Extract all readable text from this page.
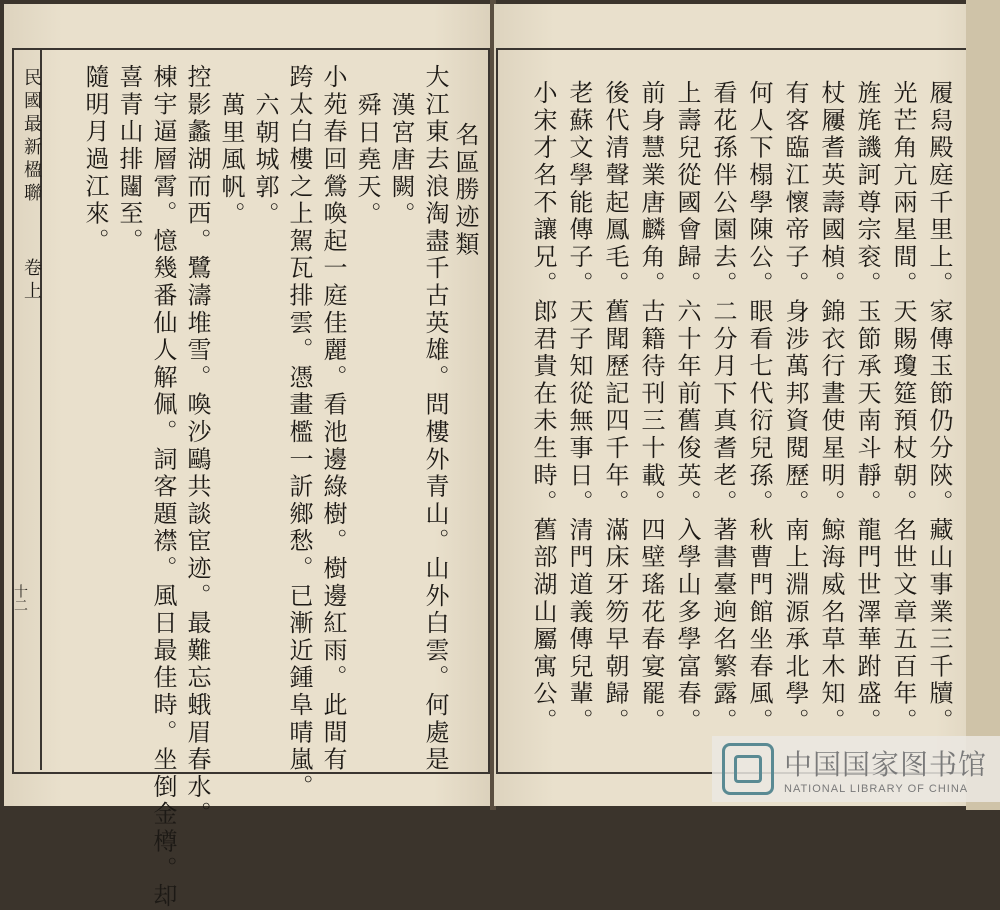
民國最新楹聯
卷上
十二
名區勝迹類
大江東去浪淘盡千古英雄。問樓外青山。山外白雲。何處是
漢宮唐闕。
舜日堯天。
小苑春回鶯喚起一庭佳麗。看池邊綠樹。樹邊紅雨。此間有
跨太白樓之上駕瓦排雲。憑畫檻一訢鄉愁。已漸近鍾阜晴嵐。
六朝城郭。
萬里風帆。
控影蠡湖而西。鷺濤堆雪。喚沙鷗共談宦迹。最難忘蛾眉春水。
棟宇逼層霄。憶幾番仙人解佩。詞客題襟。風日最佳時。坐倒金樽。却
喜青山排闥至。
隨明月過江來。	履舄殿庭千里上。家傳玉節仍分陝。藏山事業三千牘。
光芒角亢兩星間。天賜瓊筵預杖朝。名世文章五百年。
旌旄譏訶尊宗衮。玉節承天南斗靜。龍門世澤華跗盛。
杖屨耆英壽國楨。錦衣行晝使星明。鯨海威名草木知。
有客臨江懷帝子。身涉萬邦資閱歷。南上淵源承北學。
何人下榻學陳公。眼看七代衍兒孫。秋曹門館坐春風。
看花孫伴公園去。二分月下真耆老。著書臺逈名繁露。
上壽兒從國會歸。六十年前舊俊英。入學山多學富春。
前身慧業唐麟角。古籍待刊三十載。四壁瑤花春宴罷。
後代清聲起鳳毛。舊聞歷記四千年。滿床牙笏早朝歸。
老蘇文學能傳子。天子知從無事日。清門道義傳兒輩。
小宋才名不讓兄。郎君貴在未生時。舊部湖山屬寓公。
中国国家图书馆
NATIONAL LIBRARY OF CHINA
